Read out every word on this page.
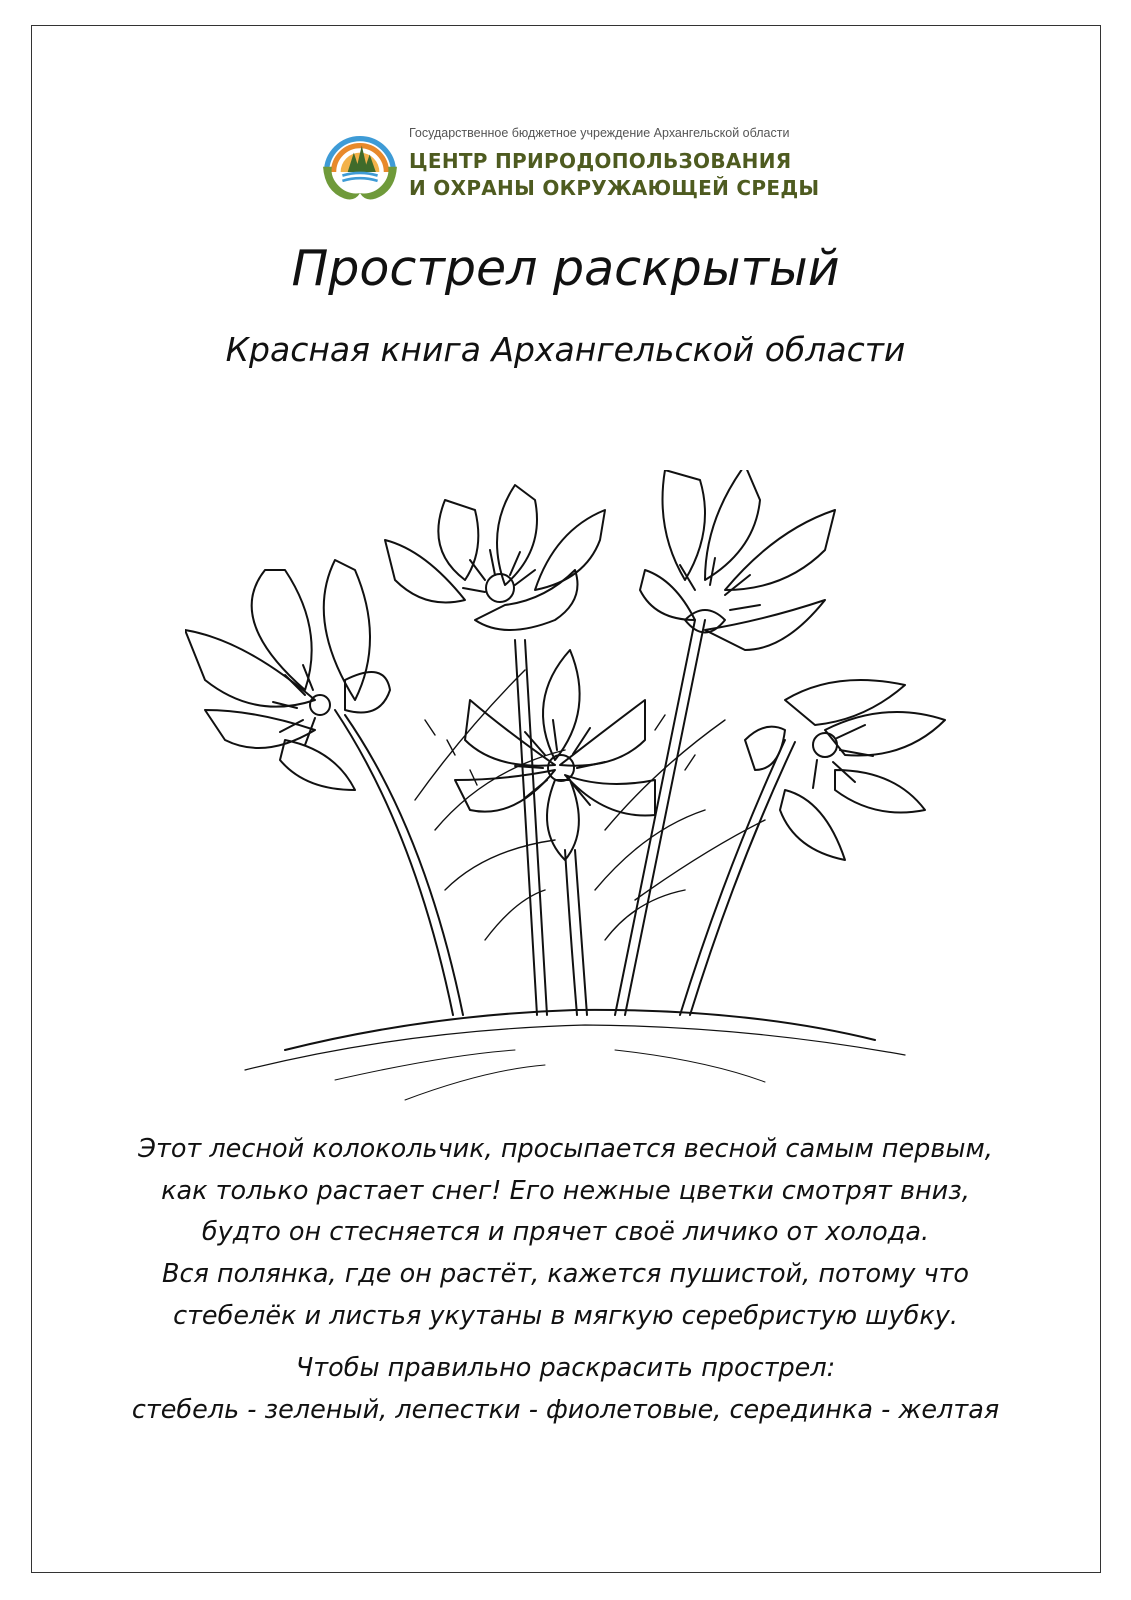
Государственное бюджетное учреждение Архангельской области
ЦЕНТР ПРИРОДОПОЛЬЗОВАНИЯ
И ОХРАНЫ ОКРУЖАЮЩЕЙ СРЕДЫ
Прострел раскрытый
Красная книга Архангельской области
Этот лесной колокольчик, просыпается весной самым первым,
как только растает снег! Его нежные цветки смотрят вниз,
будто он стесняется и прячет своё личико от холода.
Вся полянка, где он растёт, кажется пушистой, потому что
стебелёк и листья укутаны в мягкую серебристую шубку.
Чтобы правильно раскрасить прострел:
стебель - зеленый, лепестки - фиолетовые, серединка - желтая
